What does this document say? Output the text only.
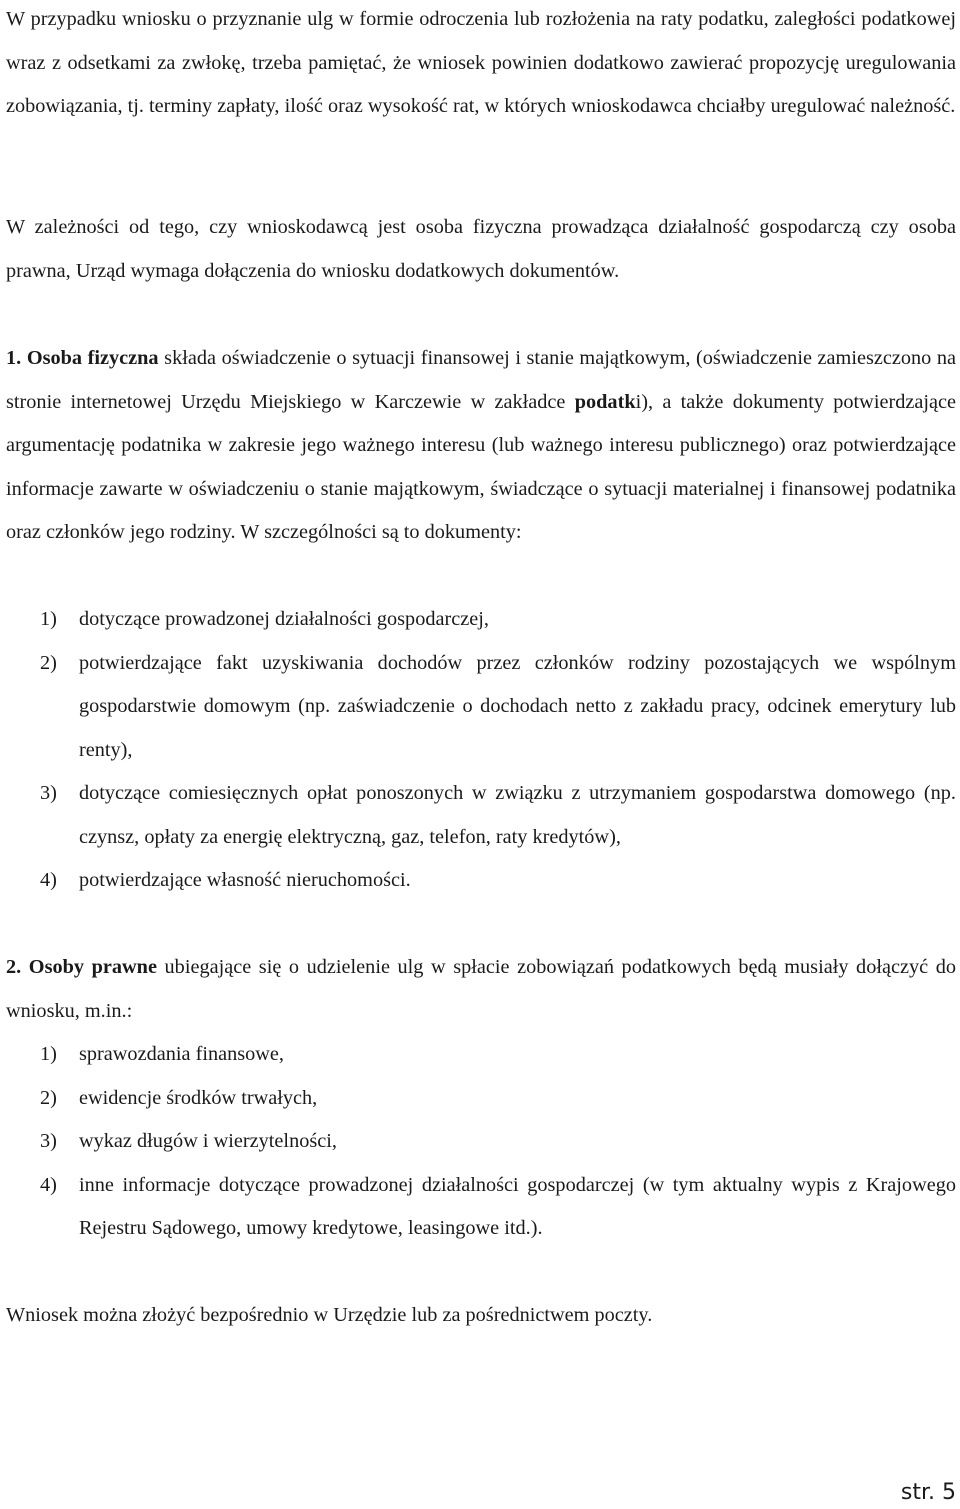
W przypadku wniosku o przyznanie ulg w formie odroczenia lub rozłożenia na raty podatku, zaległości podatkowej wraz z odsetkami za zwłokę, trzeba pamiętać, że wniosek powinien dodatkowo zawierać propozycję uregulowania zobowiązania, tj. terminy zapłaty, ilość oraz wysokość rat, w których wnioskodawca chciałby uregulować należność.

W zależności od tego, czy wnioskodawcą jest osoba fizyczna prowadząca działalność gospodarczą czy osoba prawna, Urząd wymaga dołączenia do wniosku dodatkowych dokumentów.

1. Osoba fizyczna składa oświadczenie o sytuacji finansowej i stanie majątkowym, (oświadczenie zamieszczono na stronie internetowej Urzędu Miejskiego w Karczewie w zakładce podatki), a także dokumenty potwierdzające argumentację podatnika w zakresie jego ważnego interesu (lub ważnego interesu publicznego) oraz potwierdzające informacje zawarte w oświadczeniu o stanie majątkowym, świadczące o sytuacji materialnej i finansowej podatnika oraz członków jego rodziny. W szczególności są to dokumenty:

1) dotyczące prowadzonej działalności gospodarczej,
2) potwierdzające fakt uzyskiwania dochodów przez członków rodziny pozostających we wspólnym gospodarstwie domowym (np. zaświadczenie o dochodach netto z zakładu pracy, odcinek emerytury lub renty),
3) dotyczące comiesięcznych opłat ponoszonych w związku z utrzymaniem gospodarstwa domowego (np. czynsz, opłaty za energię elektryczną, gaz, telefon, raty kredytów),
4) potwierdzające własność nieruchomości.

2. Osoby prawne ubiegające się o udzielenie ulg w spłacie zobowiązań podatkowych będą musiały dołączyć do wniosku, m.in.:

1) sprawozdania finansowe,
2) ewidencje środków trwałych,
3) wykaz długów i wierzytelności,
4) inne informacje dotyczące prowadzonej działalności gospodarczej (w tym aktualny wypis z Krajowego Rejestru Sądowego, umowy kredytowe, leasingowe itd.).

Wniosek można złożyć bezpośrednio w Urzędzie lub za pośrednictwem poczty.

str. 5
